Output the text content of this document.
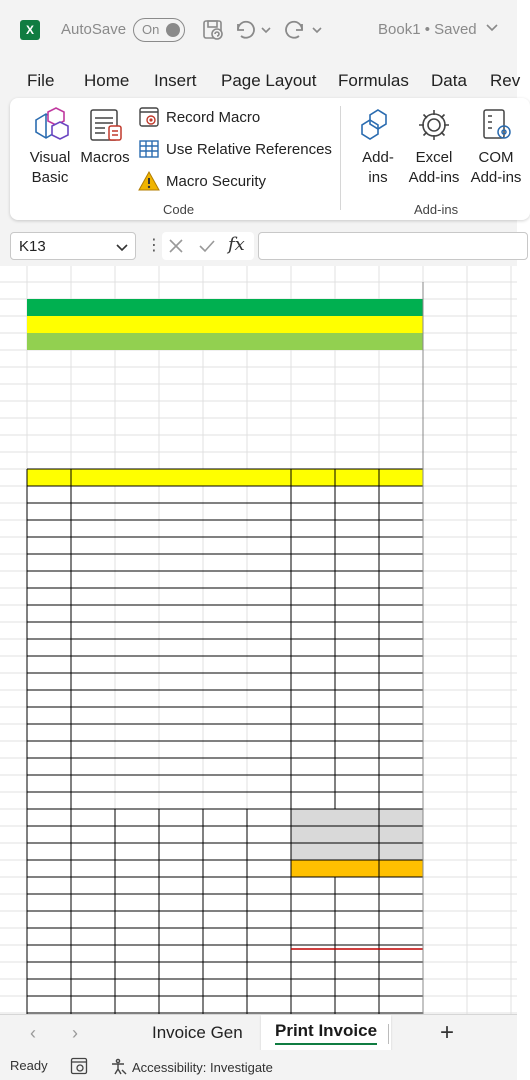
X	AutoSave On	Book1 • Saved
File Home Insert Page Layout Formulas Data Rev
Visual
Basic
Macros
Record Macro
Use Relative References
Macro Security
Code
Add-
ins
Excel
Add-ins
COM
Add-ins
Add-ins
K13	⋮	fx
‹ ›	Invoice Gen	Print Invoice	+
Ready	Accessibility: Investigate
